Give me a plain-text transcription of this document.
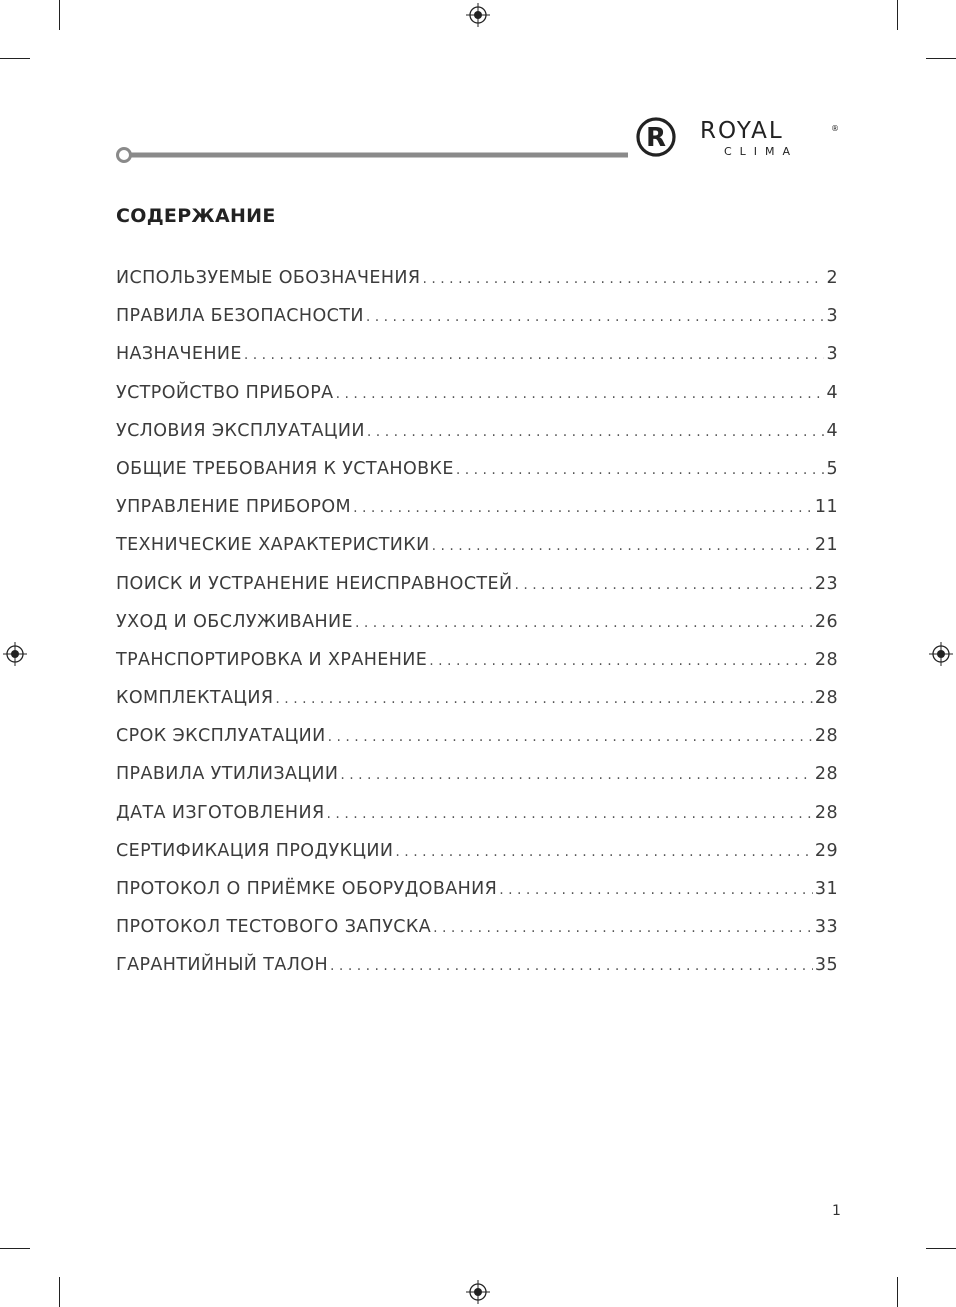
R ROYAL	®
CLIMA
СОДЕРЖАНИЕ
ИСПОЛЬЗУЕМЫЕ ОБОЗНАЧЕНИЯ . . .	2
ПРАВИЛА БЕЗОПАСНОСТИ . . .	3
НАЗНАЧЕНИЕ . . .	3
УСТРОЙСТВО ПРИБОРА . . .	4
УСЛОВИЯ ЭКСПЛУАТАЦИИ . . .	4
ОБЩИЕ ТРЕБОВАНИЯ К УСТАНОВКЕ . . .	5
УПРАВЛЕНИЕ ПРИБОРОМ . . .	11
ТЕХНИЧЕСКИЕ ХАРАКТЕРИСТИКИ . . .	21
ПОИСК И УСТРАНЕНИЕ НЕИСПРАВНОСТЕЙ . . .	23
УХОД И ОБСЛУЖИВАНИЕ . . .	26
ТРАНСПОРТИРОВКА И ХРАНЕНИЕ . . .	28
КОМПЛЕКТАЦИЯ . . .	28
СРОК ЭКСПЛУАТАЦИИ . . .	28
ПРАВИЛА УТИЛИЗАЦИИ . . .	28
ДАТА ИЗГОТОВЛЕНИЯ . . .	28
СЕРТИФИКАЦИЯ ПРОДУКЦИИ . . .	29
ПРОТОКОЛ О ПРИЁМКЕ ОБОРУДОВАНИЯ . . .	31
ПРОТОКОЛ ТЕСТОВОГО ЗАПУСКА . . .	33
ГАРАНТИЙНЫЙ ТАЛОН . . .	35
1
